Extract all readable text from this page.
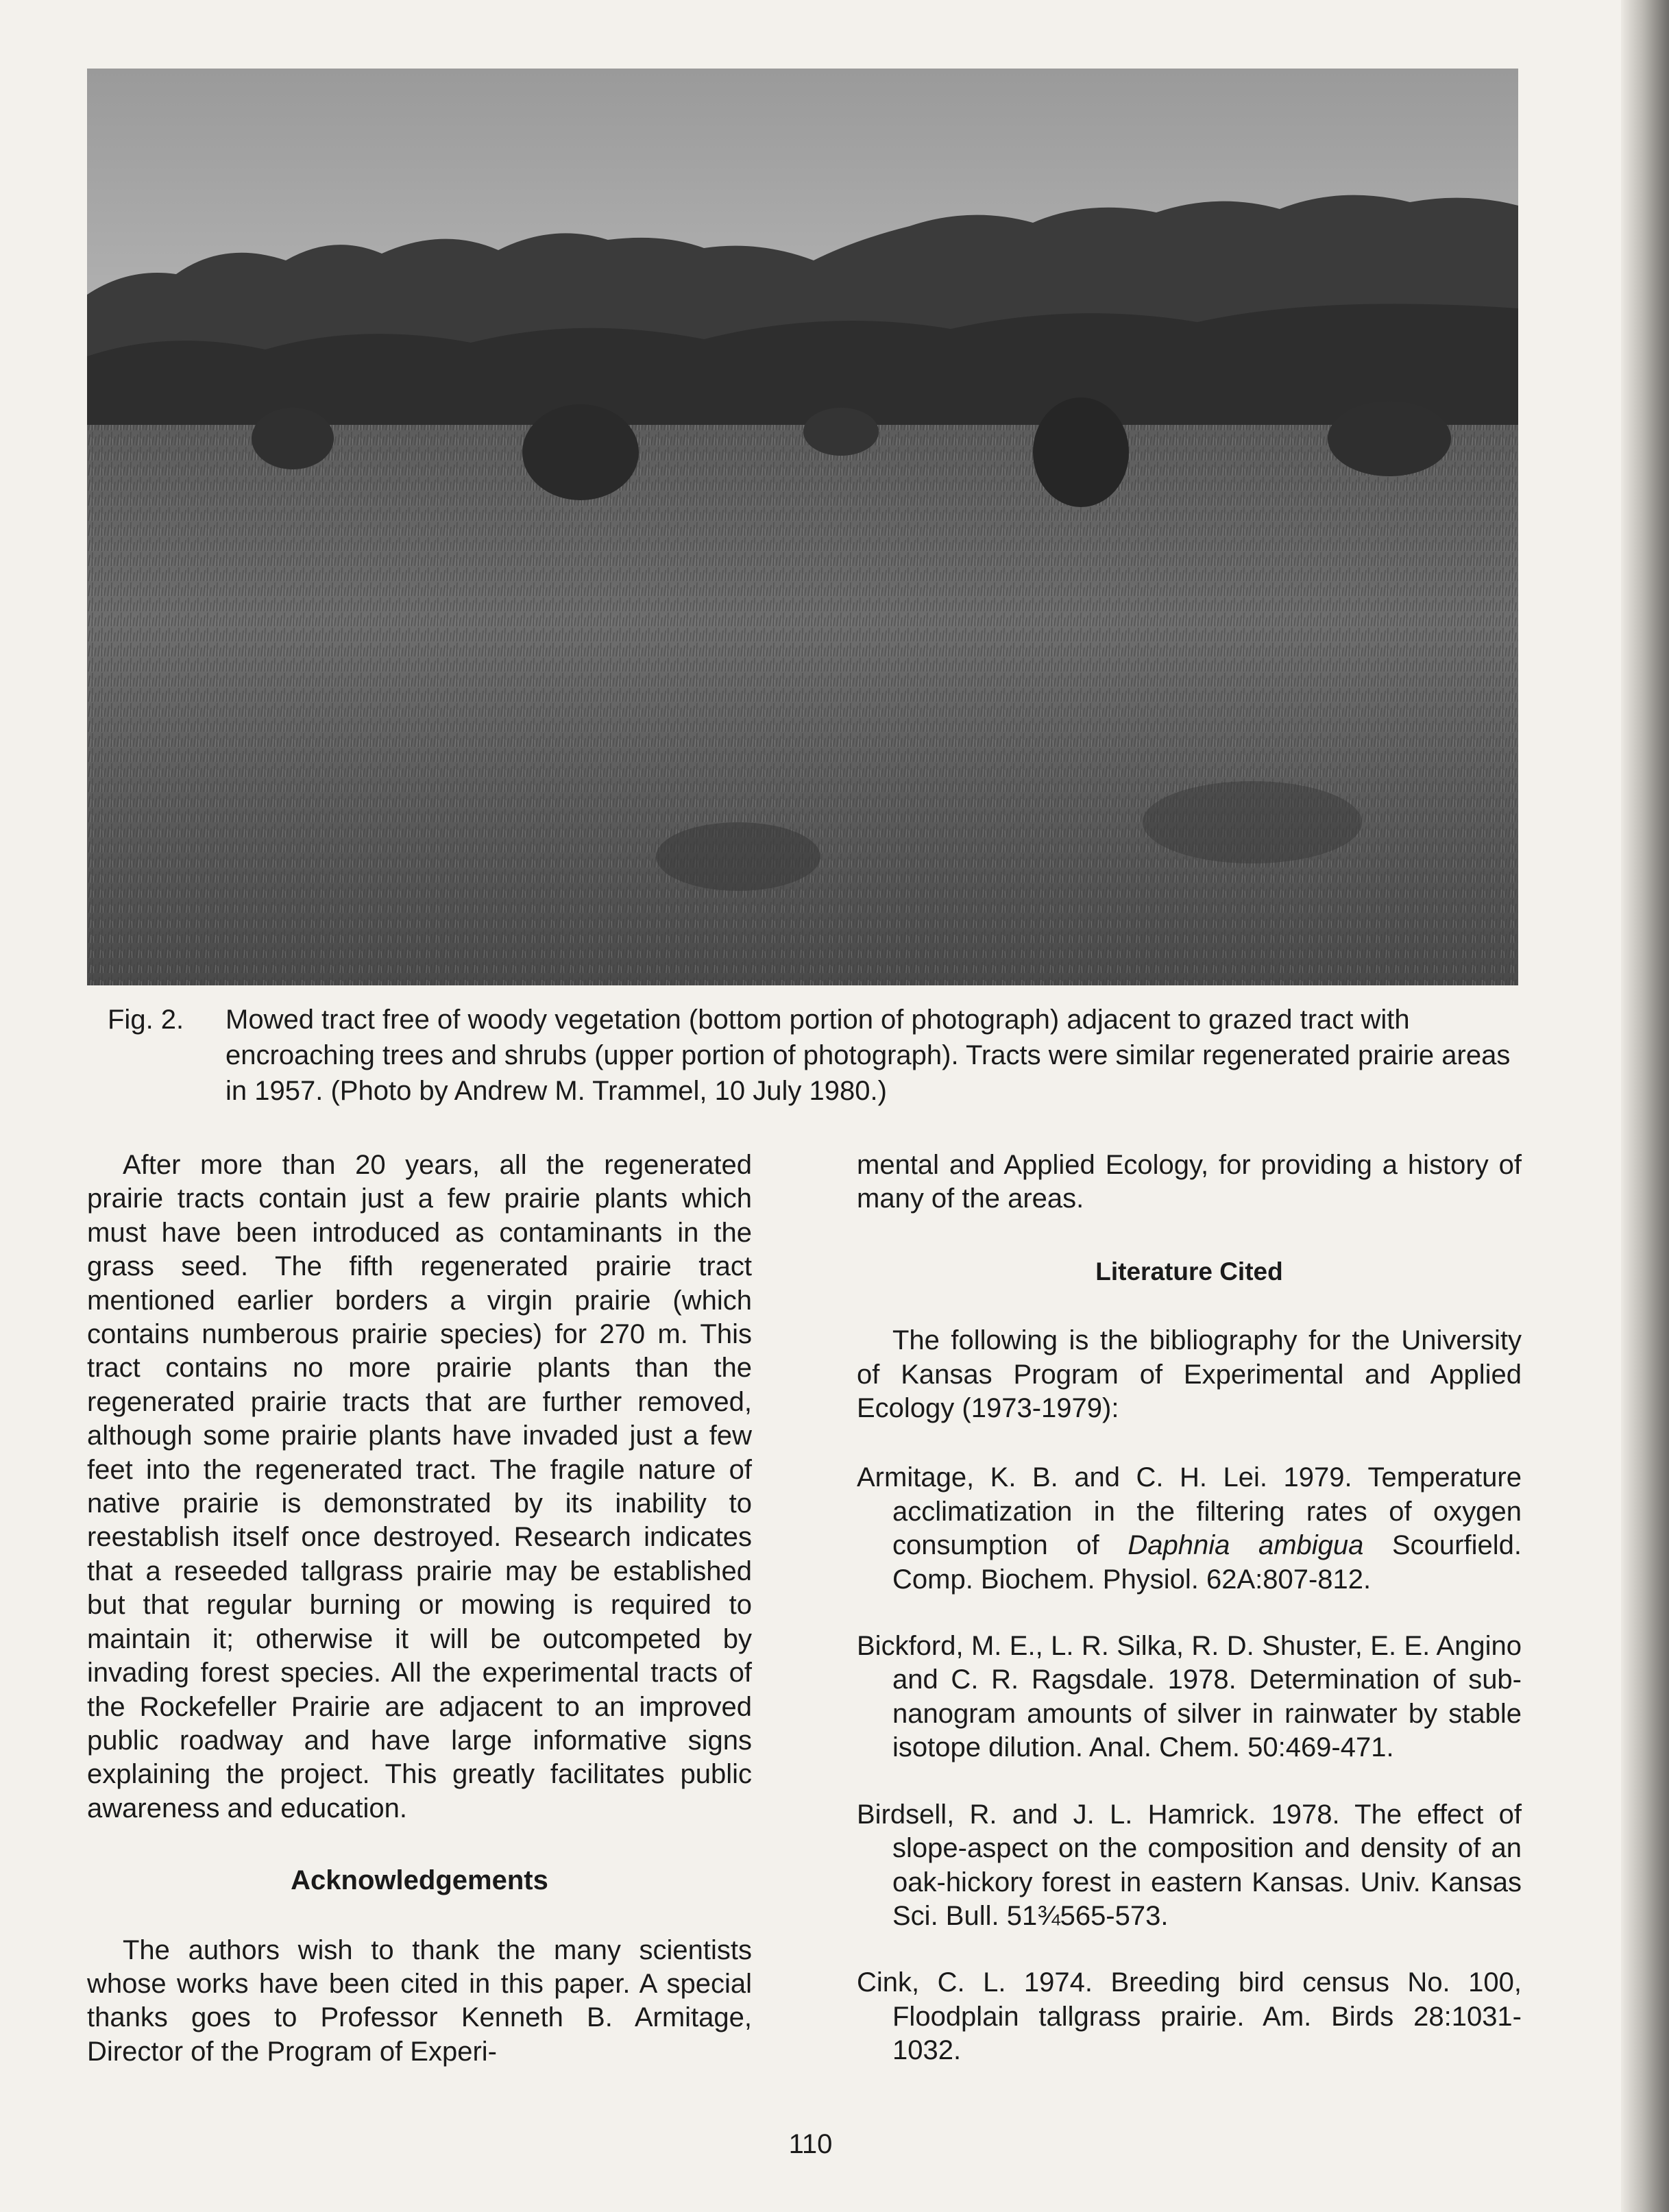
Fig. 2. Mowed tract free of woody vegetation (bottom portion of photograph) adjacent to grazed tract with encroaching trees and shrubs (upper portion of photograph). Tracts were similar regenerated prairie areas in 1957. (Photo by Andrew M. Trammel, 10 July 1980.)

After more than 20 years, all the regenerated prairie tracts contain just a few prairie plants which must have been introduced as contaminants in the grass seed. The fifth regenerated prairie tract mentioned earlier borders a virgin prairie (which contains numberous prairie species) for 270 m. This tract contains no more prairie plants than the regenerated prairie tracts that are further removed, although some prairie plants have invaded just a few feet into the regenerated tract. The fragile nature of native prairie is demonstrated by its inability to reestablish itself once destroyed. Research indicates that a reseeded tallgrass prairie may be established but that regular burning or mowing is required to maintain it; otherwise it will be outcompeted by invading forest species. All the experimental tracts of the Rockefeller Prairie are adjacent to an improved public roadway and have large informative signs explaining the project. This greatly facilitates public awareness and education.

Acknowledgements

The authors wish to thank the many scientists whose works have been cited in this paper. A special thanks goes to Professor Kenneth B. Armitage, Director of the Program of Experi-

mental and Applied Ecology, for providing a history of many of the areas.

Literature Cited

The following is the bibliography for the University of Kansas Program of Experimental and Applied Ecology (1973-1979):

Armitage, K. B. and C. H. Lei. 1979. Temperature acclimatization in the filtering rates of oxygen consumption of Daphnia ambigua Scourfield. Comp. Biochem. Physiol. 62A:807-812.

Bickford, M. E., L. R. Silka, R. D. Shuster, E. E. Angino and C. R. Ragsdale. 1978. Determination of sub-nanogram amounts of silver in rainwater by stable isotope dilution. Anal. Chem. 50:469-471.

Birdsell, R. and J. L. Hamrick. 1978. The effect of slope-aspect on the composition and density of an oak-hickory forest in eastern Kansas. Univ. Kansas Sci. Bull. 51¾565-573.

Cink, C. L. 1974. Breeding bird census No. 100, Floodplain tallgrass prairie. Am. Birds 28:1031-1032.

110
